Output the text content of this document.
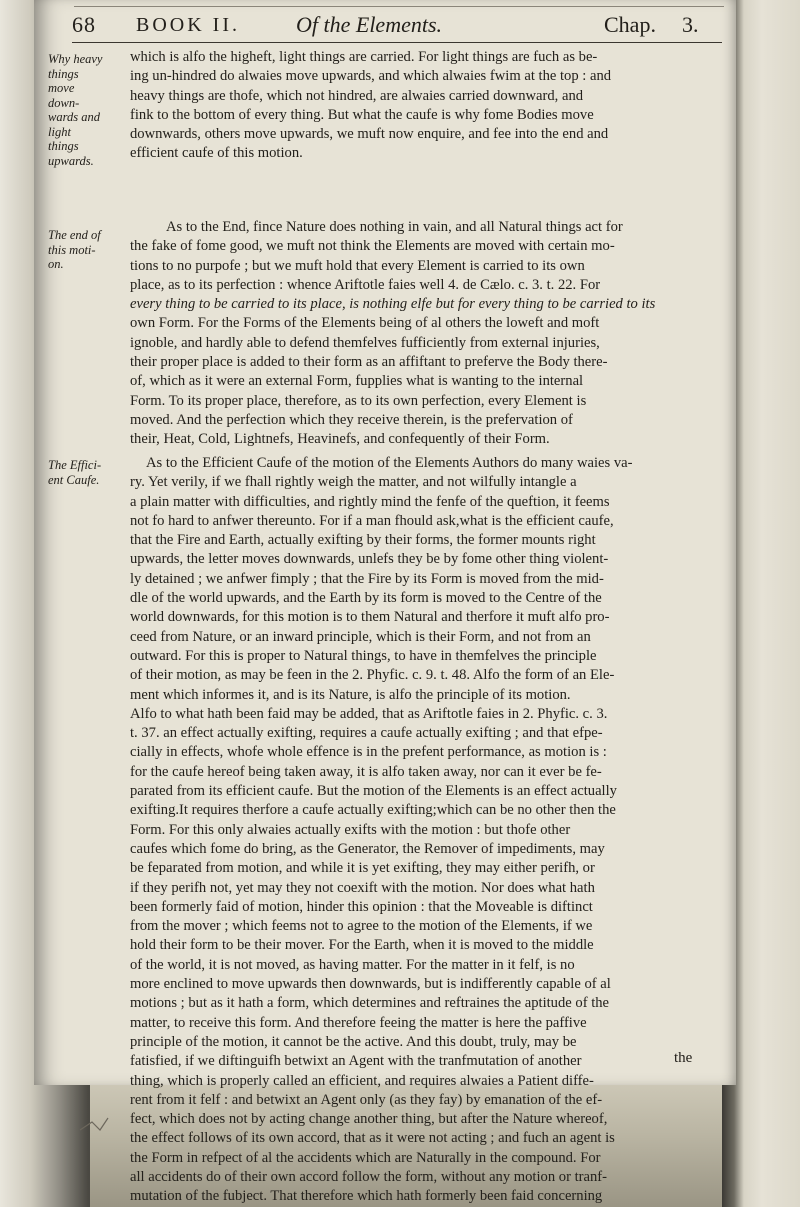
68 BOOK II.	Of the Elements.	Chap. 3.
Why heavy
things
move
down-
wards and
light
things
upwards.
The end of
this moti-
on.
The Effici-
ent Caufe.
which is alfo the higheft, light things are carried. For light things are fuch as be-
ing un-hindred do alwaies move upwards, and which alwaies fwim at the top : and
heavy things are thofe, which not hindred, are alwaies carried downward, and
fink to the bottom of every thing. But what the caufe is why fome Bodies move
downwards, others move upwards, we muft now enquire, and fee into the end and
efficient caufe of this motion.
As to the End, fince Nature does nothing in vain, and all Natural things act for
the fake of fome good, we muft not think the Elements are moved with certain mo-
tions to no purpofe ; but we muft hold that every Element is carried to its own
place, as to its perfection : whence Ariftotle faies well 4. de Cælo. c. 3. t. 22. For
every thing to be carried to its place, is nothing elfe but for every thing to be carried to its
own Form. For the Forms of the Elements being of al others the loweft and moft
ignoble, and hardly able to defend themfelves fufficiently from external injuries,
their proper place is added to their form as an affiftant to preferve the Body there-
of, which as it were an external Form, fupplies what is wanting to the internal
Form. To its proper place, therefore, as to its own perfection, every Element is
moved. And the perfection which they receive therein, is the prefervation of
their, Heat, Cold, Lightnefs, Heavinefs, and confequently of their Form.
As to the Efficient Caufe of the motion of the Elements Authors do many waies va-
ry. Yet verily, if we fhall rightly weigh the matter, and not wilfully intangle a
a plain matter with difficulties, and rightly mind the fenfe of the queftion, it feems
not fo hard to anfwer thereunto. For if a man fhould ask,what is the efficient caufe,
that the Fire and Earth, actually exifting by their forms, the former mounts right
upwards, the letter moves downwards, unlefs they be by fome other thing violent-
ly detained ; we anfwer fimply ; that the Fire by its Form is moved from the mid-
dle of the world upwards, and the Earth by its form is moved to the Centre of the
world downwards, for this motion is to them Natural and therfore it muft alfo pro-
ceed from Nature, or an inward principle, which is their Form, and not from an
outward. For this is proper to Natural things, to have in themfelves the principle
of their motion, as may be feen in the 2. Phyfic. c. 9. t. 48. Alfo the form of an Ele-
ment which informes it, and is its Nature, is alfo the principle of its motion.
Alfo to what hath been faid may be added, that as Ariftotle faies in 2. Phyfic. c. 3.
t. 37. an effect actually exifting, requires a caufe actually exifting ; and that efpe-
cially in effects, whofe whole effence is in the prefent performance, as motion is :
for the caufe hereof being taken away, it is alfo taken away, nor can it ever be fe-
parated from its efficient caufe. But the motion of the Elements is an effect actually
exifting.It requires therfore a caufe actually exifting;which can be no other then the
Form. For this only alwaies actually exifts with the motion : but thofe other
caufes which fome do bring, as the Generator, the Remover of impediments, may
be feparated from motion, and while it is yet exifting, they may either perifh, or
if they perifh not, yet may they not coexift with the motion. Nor does what hath
been formerly faid of motion, hinder this opinion : that the Moveable is diftinct
from the mover ; which feems not to agree to the motion of the Elements, if we
hold their form to be their mover. For the Earth, when it is moved to the middle
of the world, it is not moved, as having matter. For the matter in it felf, is no
more enclined to move upwards then downwards, but is indifferently capable of al
motions ; but as it hath a form, which determines and reftraines the aptitude of the
matter, to receive this form. And therefore feeing the matter is here the paffive
principle of the motion, it cannot be the active. And this doubt, truly, may be
fatisfied, if we diftinguifh betwixt an Agent with the tranfmutation of another
thing, which is properly called an efficient, and requires alwaies a Patient diffe-
rent from it felf : and betwixt an Agent only (as they fay) by emanation of the ef-
fect, which does not by acting change another thing, but after the Nature whereof,
the effect follows of its own accord, that as it were not acting ; and fuch an agent is
the Form in refpect of al the accidents which are Naturally in the compound. For
all accidents do of their own accord follow the form, without any motion or tranf-
mutation of the fubject. That therefore which hath formerly been faid concerning
the
